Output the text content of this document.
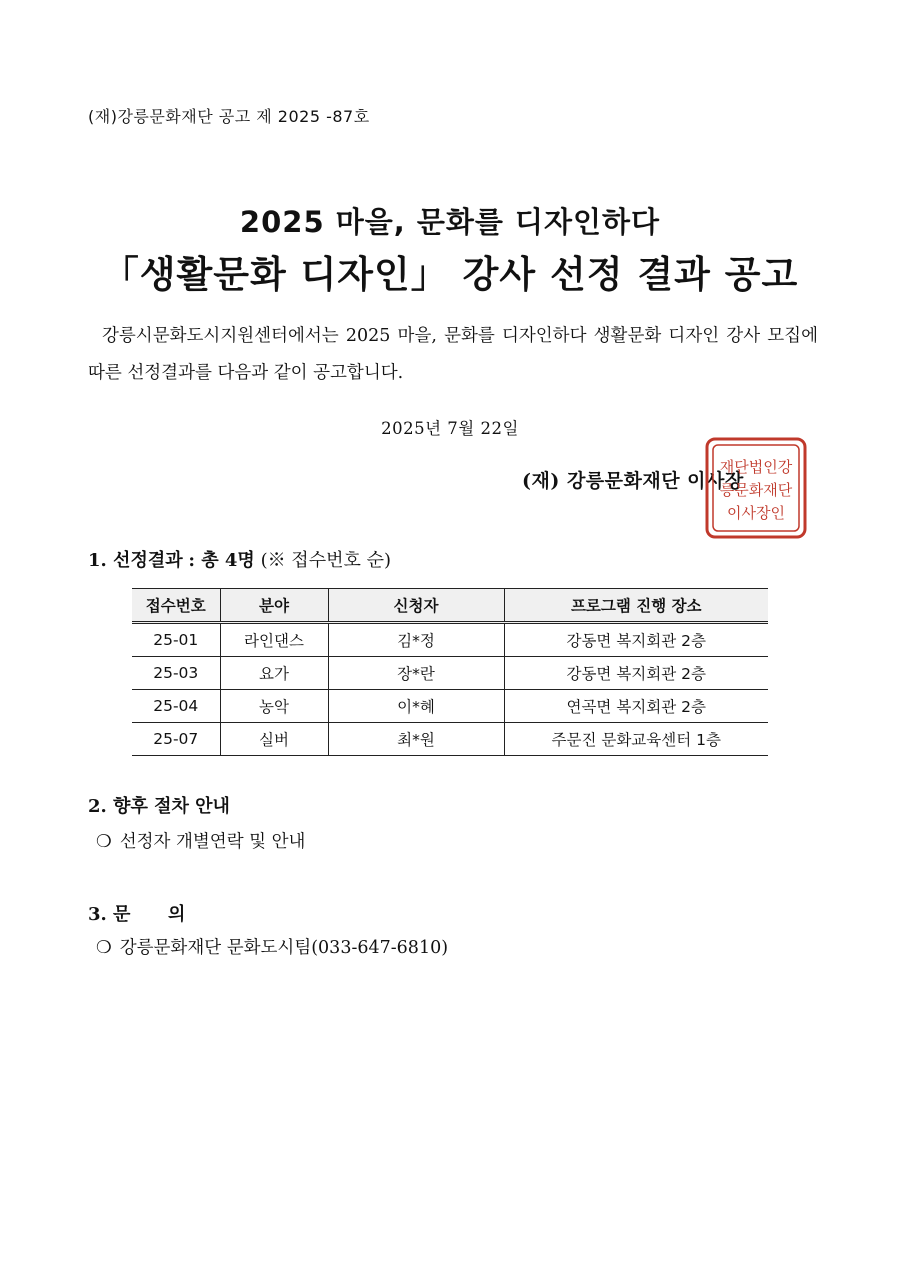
(재)강릉문화재단 공고 제 2025 -87호
2025 마을, 문화를 디자인하다
「생활문화 디자인」 강사 선정 결과 공고

강릉시문화도시지원센터에서는 2025 마을, 문화를 디자인하다 생활문화 디자인 강사 모집에 따른 선정결과를 다음과 같이 공고합니다.

2025년 7월 22일
(재) 강릉문화재단 이사장
재단법인강
릉문화재단
이사장인
1. 선정결과 : 총 4명 (※ 접수번호 순)
접수번호	분야	신청자	프로그램 진행 장소
25-01	라인댄스	김*정	강동면 복지회관 2층
25-03	요가	장*란	강동면 복지회관 2층
25-04	농악	이*혜	연곡면 복지회관 2층
25-07	실버	최*원	주문진 문화교육센터 1층
2. 향후 절차 안내
❍ 선정자 개별연락 및 안내
3. 문      의
❍ 강릉문화재단 문화도시팀(033-647-6810)
